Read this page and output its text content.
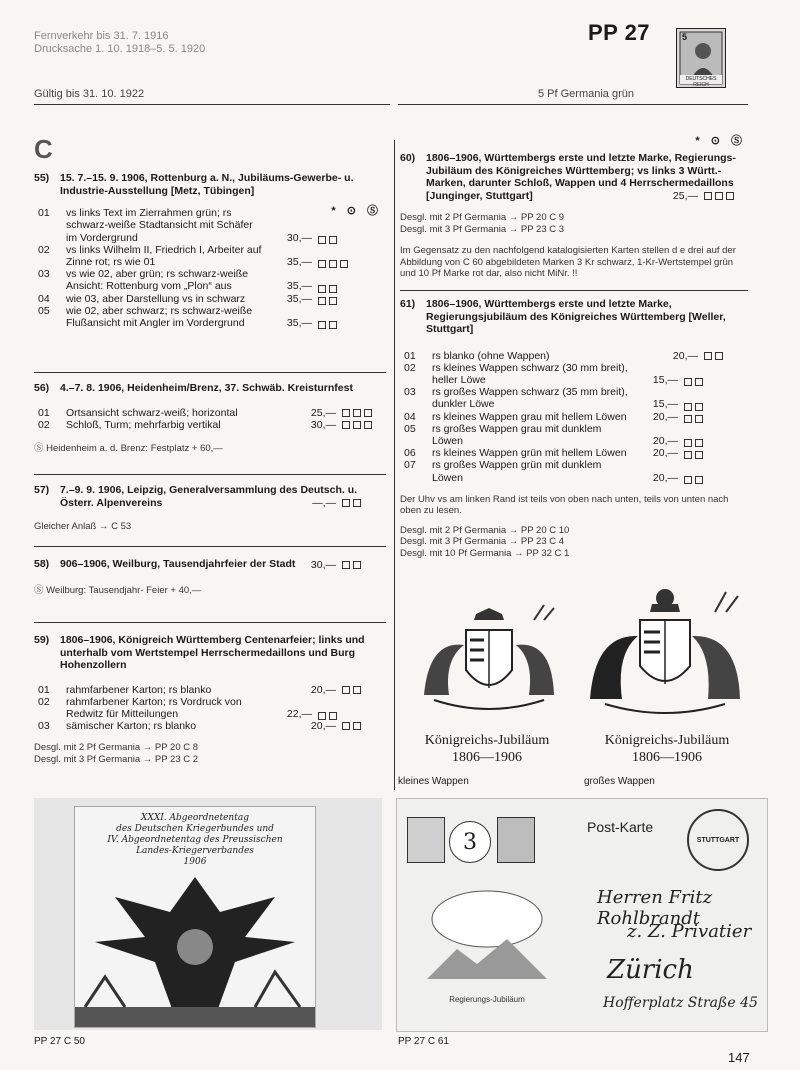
Fernverkehr bis 31. 7. 1916
Drucksache 1. 10. 1918–5. 5. 1920
Gültig bis 31. 10. 1922
PP 27
5 Pf Germania grün
5
DEUTSCHES REICH
C	* ⊙ Ⓢ
55)	15. 7.–15. 9. 1906, Rottenburg a. N., Jubiläums-Gewerbe- u. Industrie-Ausstellung [Metz, Tübingen]
* ⊙ Ⓢ
01	vs links Text im Zierrahmen grün; rs schwarz-weiße Stadtansicht mit Schäfer im Vordergrund	30,—
02	vs links Wilhelm II, Friedrich I, Arbeiter auf Zinne rot; rs wie 01	35,—
03	vs wie 02, aber grün; rs schwarz-weiße Ansicht: Rottenburg vom „Plon“ aus	35,—
04	wie 03, aber Darstellung vs in schwarz	35,—
05	wie 02, aber schwarz; rs schwarz-weiße Flußansicht mit Angler im Vordergrund	35,—
56)	4.–7. 8. 1906, Heidenheim/Brenz, 37. Schwäb. Kreisturnfest
01	Ortsansicht schwarz-weiß; horizontal	25,—
02	Schloß, Turm; mehrfarbig vertikal	30,—
Ⓢ Heidenheim a. d. Brenz: Festplatz + 60,—
57)	7.–9. 9. 1906, Leipzig, Generalversammlung des Deutsch. u. Österr. Alpenvereins	—,—
Gleicher Anlaß → C 53
58)	906–1906, Weilburg, Tausendjahrfeier der Stadt	30,—
Ⓢ Weilburg: Tausendjahr- Feier + 40,—
59)	1806–1906, Königreich Württemberg Centenarfeier; links und unterhalb vom Wertstempel Herrschermedaillons und Burg Hohenzollern
01	rahmfarbener Karton; rs blanko	20,—
02	rahmfarbener Karton; rs Vordruck von Redwitz für Mitteilungen	22,—
03	sämischer Karton; rs blanko	20,—
Desgl. mit 2 Pf Germania → PP 20 C 8
Desgl. mit 3 Pf Germania → PP 23 C 2
60)	1806–1906, Württembergs erste und letzte Marke, Regierungs-Jubiläum des Königreiches Württemberg; vs links 3 Württ.-Marken, darunter Schloß, Wappen und 4 Herrschermedaillons [Junginger, Stuttgart]	25,—
Desgl. mit 2 Pf Germania → PP 20 C 9
Desgl. mit 3 Pf Germania → PP 23 C 3
Im Gegensatz zu den nachfolgend katalogisierten Karten stellen d e drei auf der Abbildung von C 60 abgebildeten Marken 3 Kr schwarz, 1-Kr-Wertstempel grün und 10 Pf Marke rot dar, also nicht MiNr. !!
61)	1806–1906, Württembergs erste und letzte Marke, Regierungsjubiläum des Königreiches Württemberg [Weller, Stuttgart]
01	rs blanko (ohne Wappen)	20,—
02	rs kleines Wappen schwarz (30 mm breit), heller Löwe	15,—
03	rs großes Wappen schwarz (35 mm breit), dunkler Löwe	15,—
04	rs kleines Wappen grau mit hellem Löwen	20,—
05	rs großes Wappen grau mit dunklem Löwen	20,—
06	rs kleines Wappen grün mit hellem Löwen	20,—
07	rs großes Wappen grün mit dunklem Löwen	20,—
Der Uhv vs am linken Rand ist teils von oben nach unten, teils von unten nach oben zu lesen.
Desgl. mit 2 Pf Germania → PP 20 C 10
Desgl. mit 3 Pf Germania → PP 23 C 4
Desgl. mit 10 Pf Germania → PP 32 C 1
Königreichs-Jubiläum
1806—1906
Königreichs-Jubiläum
1806—1906
kleines Wappen	großes Wappen
XXXI. Abgeordnetentag
des Deutschen Kriegerbundes und
IV. Abgeordnetentag des Preussischen
Landes-Kriegerverbandes
1906
PP 27 C 50
3
Regierungs-Jubiläum
Post-Karte
STUTTGART
Herren Fritz Rohlbrandt
z. Z. Privatier
Zürich
Hofferplatz Straße 45
PP 27 C 61
147
